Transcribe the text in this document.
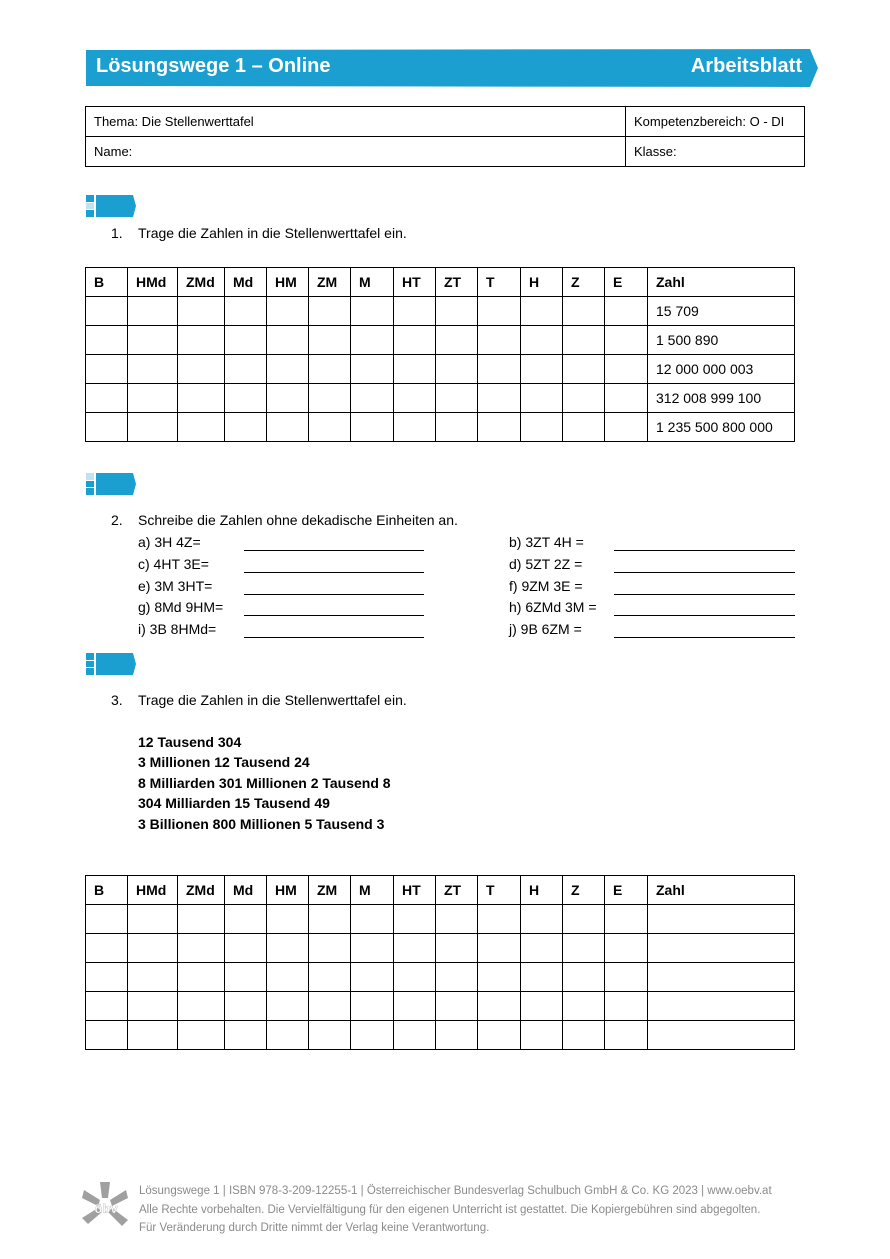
Lösungswege 1 – Online	Arbeitsblatt
Thema: Die Stellenwerttafel	Kompetenzbereich: O - DI
Name:	Klasse:
1. Trage die Zahlen in die Stellenwerttafel ein.
B	HMd	ZMd	Md	HM	ZM	M	HT	ZT	T	H	Z	E	Zahl
													15 709
													1 500 890
													12 000 000 003
													312 008 999 100
													1 235 500 800 000
2. Schreibe die Zahlen ohne dekadische Einheiten an.
a) 3H 4Z=	b) 3ZT 4H =
c) 4HT 3E=	d) 5ZT 2Z =
e) 3M 3HT=	f) 9ZM 3E =
g) 8Md 9HM=	h) 6ZMd 3M =
i) 3B 8HMd=	j) 9B 6ZM =
3. Trage die Zahlen in die Stellenwerttafel ein.
12 Tausend 304
3 Millionen 12 Tausend 24
8 Milliarden 301 Millionen 2 Tausend 8
304 Milliarden 15 Tausend 49
3 Billionen 800 Millionen 5 Tausend 3
B	HMd	ZMd	Md	HM	ZM	M	HT	ZT	T	H	Z	E	Zahl

öbv
Lösungswege 1 | ISBN 978-3-209-12255-1 | Österreichischer Bundesverlag Schulbuch GmbH & Co. KG 2023 | www.oebv.at
Alle Rechte vorbehalten. Die Vervielfältigung für den eigenen Unterricht ist gestattet. Die Kopiergebühren sind abgegolten.
Für Veränderung durch Dritte nimmt der Verlag keine Verantwortung.
